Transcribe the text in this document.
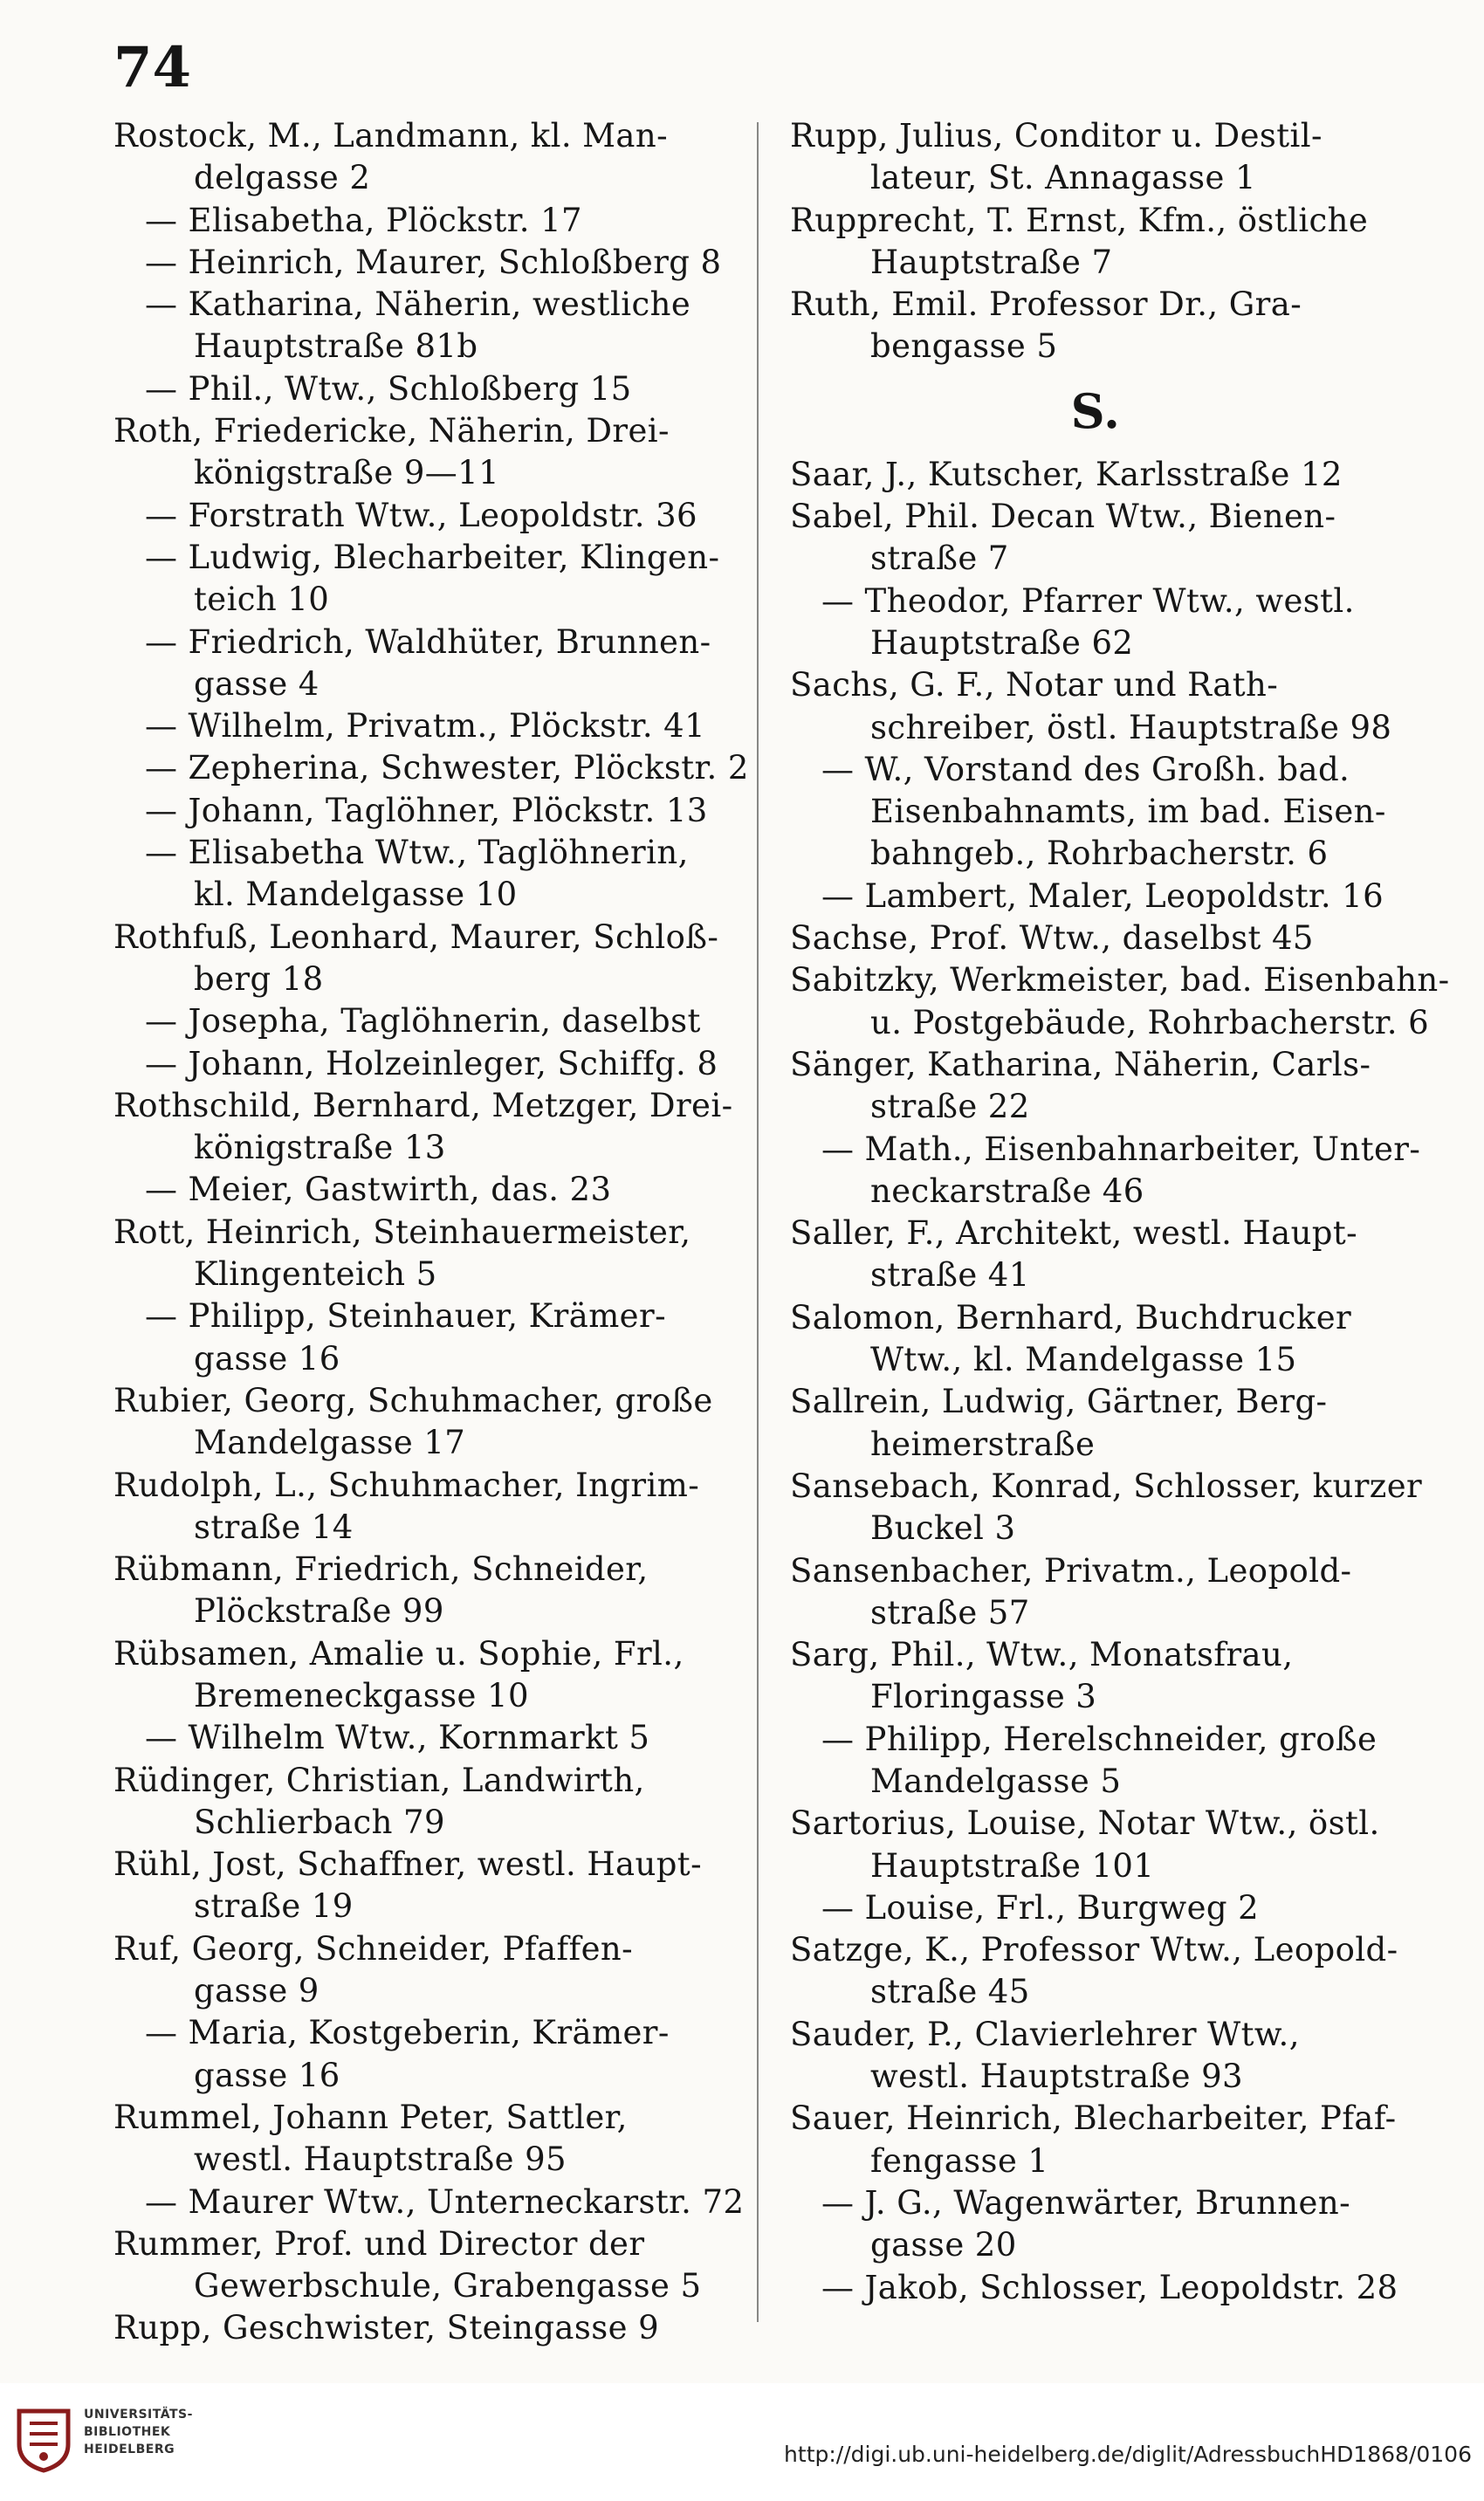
74
Rostock, M., Landmann, kl. Man-
delgasse 2
— Elisabetha, Plöckstr. 17
— Heinrich, Maurer, Schloßberg 8
— Katharina, Näherin, westliche
Hauptstraße 81b
— Phil., Wtw., Schloßberg 15
Roth, Friedericke, Näherin, Drei-
königstraße 9—11
— Forstrath Wtw., Leopoldstr. 36
— Ludwig, Blecharbeiter, Klingen-
teich 10
— Friedrich, Waldhüter, Brunnen-
gasse 4
— Wilhelm, Privatm., Plöckstr. 41
— Zepherina, Schwester, Plöckstr. 2
— Johann, Taglöhner, Plöckstr. 13
— Elisabetha Wtw., Taglöhnerin,
kl. Mandelgasse 10
Rothfuß, Leonhard, Maurer, Schloß-
berg 18
— Josepha, Taglöhnerin, daselbst
— Johann, Holzeinleger, Schiffg. 8
Rothschild, Bernhard, Metzger, Drei-
königstraße 13
— Meier, Gastwirth, das. 23
Rott, Heinrich, Steinhauermeister,
Klingenteich 5
— Philipp, Steinhauer, Krämer-
gasse 16
Rubier, Georg, Schuhmacher, große
Mandelgasse 17
Rudolph, L., Schuhmacher, Ingrim-
straße 14
Rübmann, Friedrich, Schneider,
Plöckstraße 99
Rübsamen, Amalie u. Sophie, Frl.,
Bremeneckgasse 10
— Wilhelm Wtw., Kornmarkt 5
Rüdinger, Christian, Landwirth,
Schlierbach 79
Rühl, Jost, Schaffner, westl. Haupt-
straße 19
Ruf, Georg, Schneider, Pfaffen-
gasse 9
— Maria, Kostgeberin, Krämer-
gasse 16
Rummel, Johann Peter, Sattler,
westl. Hauptstraße 95
— Maurer Wtw., Unterneckarstr. 72
Rummer, Prof. und Director der
Gewerbschule, Grabengasse 5
Rupp, Geschwister, Steingasse 9
Rupp, Julius, Conditor u. Destil-
lateur, St. Annagasse 1
Rupprecht, T. Ernst, Kfm., östliche
Hauptstraße 7
Ruth, Emil. Professor Dr., Gra-
bengasse 5
S.
Saar, J., Kutscher, Karlsstraße 12
Sabel, Phil. Decan Wtw., Bienen-
straße 7
— Theodor, Pfarrer Wtw., westl.
Hauptstraße 62
Sachs, G. F., Notar und Rath-
schreiber, östl. Hauptstraße 98
— W., Vorstand des Großh. bad.
Eisenbahnamts, im bad. Eisen-
bahngeb., Rohrbacherstr. 6
— Lambert, Maler, Leopoldstr. 16
Sachse, Prof. Wtw., daselbst 45
Sabitzky, Werkmeister, bad. Eisenbahn-
u. Postgebäude, Rohrbacherstr. 6
Sänger, Katharina, Näherin, Carls-
straße 22
— Math., Eisenbahnarbeiter, Unter-
neckarstraße 46
Saller, F., Architekt, westl. Haupt-
straße 41
Salomon, Bernhard, Buchdrucker
Wtw., kl. Mandelgasse 15
Sallrein, Ludwig, Gärtner, Berg-
heimerstraße
Sansebach, Konrad, Schlosser, kurzer
Buckel 3
Sansenbacher, Privatm., Leopold-
straße 57
Sarg, Phil., Wtw., Monatsfrau,
Floringasse 3
— Philipp, Herelschneider, große
Mandelgasse 5
Sartorius, Louise, Notar Wtw., östl.
Hauptstraße 101
— Louise, Frl., Burgweg 2
Satzge, K., Professor Wtw., Leopold-
straße 45
Sauder, P., Clavierlehrer Wtw.,
westl. Hauptstraße 93
Sauer, Heinrich, Blecharbeiter, Pfaf-
fengasse 1
— J. G., Wagenwärter, Brunnen-
gasse 20
— Jakob, Schlosser, Leopoldstr. 28
UNIVERSITÄTS-
BIBLIOTHEK
HEIDELBERG	http://digi.ub.uni-heidelberg.de/diglit/AdressbuchHD1868/0106
